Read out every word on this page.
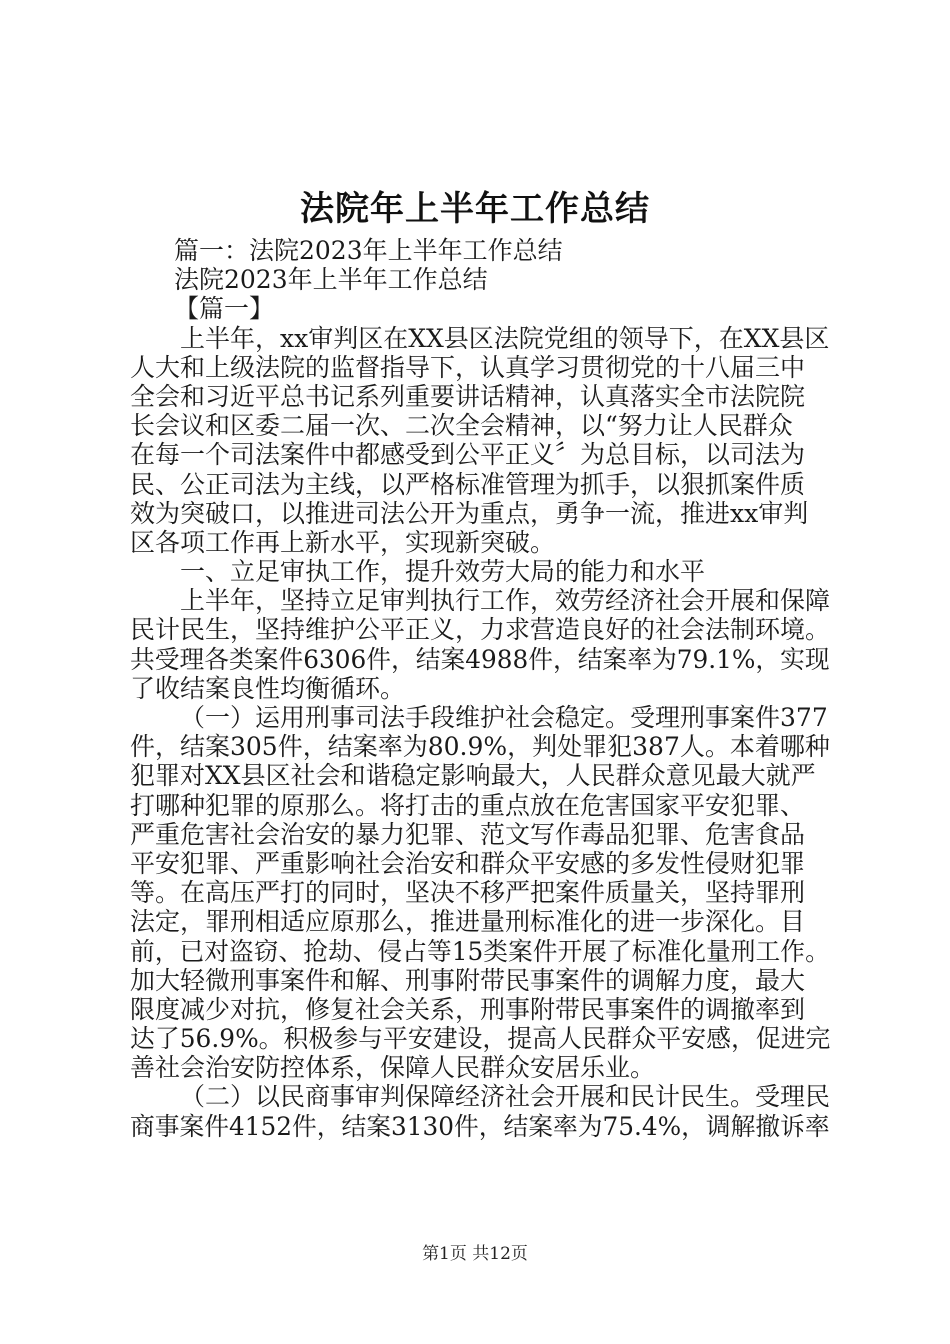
法院年上半年工作总结
篇一：法院2023年上半年工作总结
法院2023年上半年工作总结
【篇一】
上半年，xx审判区在XX县区法院党组的领导下，在XX县区
人大和上级法院的监督指导下，认真学习贯彻党的十八届三中
全会和习近平总书记系列重要讲话精神，认真落实全市法院院
长会议和区委二届一次、二次全会精神，以“努力让人民群众
在每一个司法案件中都感受到公平正义〞为总目标，以司法为
民、公正司法为主线，以严格标准管理为抓手，以狠抓案件质
效为突破口，以推进司法公开为重点，勇争一流，推进xx审判
区各项工作再上新水平，实现新突破。
一、立足审执工作，提升效劳大局的能力和水平
上半年，坚持立足审判执行工作，效劳经济社会开展和保障
民计民生，坚持维护公平正义，力求营造良好的社会法制环境。
共受理各类案件6306件，结案4988件，结案率为79.1%，实现
了收结案良性均衡循环。
（一）运用刑事司法手段维护社会稳定。受理刑事案件377
件，结案305件，结案率为80.9%，判处罪犯387人。本着哪种
犯罪对XX县区社会和谐稳定影响最大，人民群众意见最大就严
打哪种犯罪的原那么。将打击的重点放在危害国家平安犯罪、
严重危害社会治安的暴力犯罪、范文写作毒品犯罪、危害食品
平安犯罪、严重影响社会治安和群众平安感的多发性侵财犯罪
等。在高压严打的同时，坚决不移严把案件质量关，坚持罪刑
法定，罪刑相适应原那么，推进量刑标准化的进一步深化。目
前，已对盗窃、抢劫、侵占等15类案件开展了标准化量刑工作。
加大轻微刑事案件和解、刑事附带民事案件的调解力度，最大
限度减少对抗，修复社会关系，刑事附带民事案件的调撤率到
达了56.9%。积极参与平安建设，提高人民群众平安感，促进完
善社会治安防控体系，保障人民群众安居乐业。
（二）以民商事审判保障经济社会开展和民计民生。受理民
商事案件4152件，结案3130件，结案率为75.4%，调解撤诉率
第1页 共12页
